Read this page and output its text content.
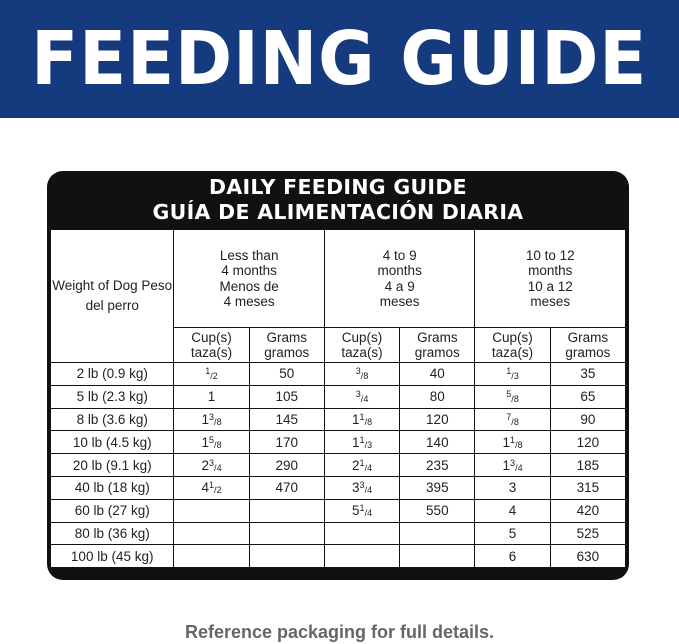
FEEDING GUIDE
DAILY FEEDING GUIDE
GUÍA DE ALIMENTACIÓN DIARIA
Weight of Dog Peso del perro	Less than
4 months
Menos de
4 meses		4 to 9
months
4 a 9
meses		10 to 12
months
10 a 12
meses	

	Cup(s) taza(s)	Grams gramos	Cup(s) taza(s)	Grams gramos	Cup(s) taza(s)	Grams gramos
2 lb (0.9 kg)	$^1$/2	50	$^3$/8	40	$^1$/3	35
5 lb (2.3 kg)	1	105	$^3$/4	80	$^5$/8	65
8 lb (3.6 kg)	$1^3/8$	145	$1^1/8$	120	$^7$/8	90
10 lb (4.5 kg)	$1^5/8$	170	$1^1/3$	140	$1^1/8$	120
20 lb (9.1 kg)	$2^3/4$	290	$2^1/4$	235	$1^3/4$	185
40 lb (18 kg)	$4^1/2$	470	$3^3/4$	395	3	315
60 lb (27 kg)			$5^1/4$	550	4	420
80 lb (36 kg)					5	525
100 lb (45 kg)					6	630
Reference packaging for full details.
